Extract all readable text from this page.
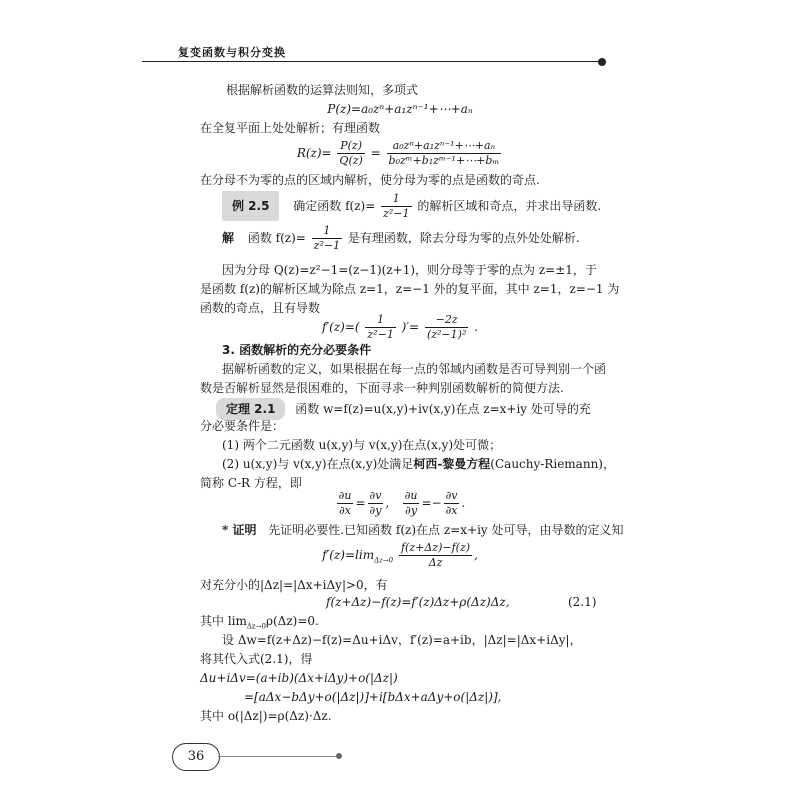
复变函数与积分变换
根据解析函数的运算法则知，多项式
P(z)=a₀zⁿ+a₁zⁿ⁻¹+⋯+aₙ
在全复平面上处处解析；有理函数
$R(z)= \frac{P(z)}{Q(z)} = \frac{\text{a₀zⁿ+a₁zⁿ⁻¹+⋯+aₙ}}{\text{b₀zᵐ+b₁zᵐ⁻¹+⋯+bₘ}}$
在分母不为零的点的区域内解析，使分母为零的点是函数的奇点.
例 2.5 确定函数 $f(z)= \frac{1}{\text{z²−1}}$ 的解析区域和奇点，并求出导函数.
解 函数 $f(z)= \frac{1}{\text{z²−1}}$ 是有理函数，除去分母为零的点外处处解析.
因为分母 Q(z)=z²−1=(z−1)(z+1)，则分母等于零的点为 z=±1，于
是函数 f(z)的解析区域为除点 z=1，z=−1 外的复平面，其中 z=1，z=−1 为
函数的奇点，且有导数
$f'(z)=( \frac{1}{\text{z²−1}}$ )′= $\frac{-2z}{\text{(z²−1)²}}$ .
3. 函数解析的充分必要条件
据解析函数的定义，如果根据在每一点的邻域内函数是否可导判别一个函
数是否解析显然是很困难的，下面寻求一种判别函数解析的简便方法.
定理 2.1 函数 w=f(z)=u(x,y)+iv(x,y)在点 z=x+iy 处可导的充
分必要条件是：
(1) 两个二元函数 u(x,y)与 v(x,y)在点(x,y)处可微；
(2) u(x,y)与 v(x,y)在点(x,y)处满足柯西-黎曼方程(Cauchy-Riemann)，
简称 C-R 方程，即
$\frac{\partial u}{\partial x} = \frac{\partial v}{\partial y}$ , $\frac{\partial u}{\partial y} =- \frac{\partial v}{\partial x}$ .
* 证明 先证明必要性.已知函数 f(z)在点 z=x+iy 处可导，由导数的定义知
$f'(z)=\lim_{\Delta z\to 0} \frac{f(z+\Delta z)-f(z)}{\Delta z}$ ,
对充分小的|Δz|=|Δx+iΔy|>0，有
f(z+Δz)−f(z)=f′(z)Δz+ρ(Δz)Δz,	(2.1)
其中 $\lim_{\Delta z\to 0}\rho(\Delta z)=0$.
设 Δw=f(z+Δz)−f(z)=Δu+iΔv，f′(z)=a+ib，|Δz|=|Δx+iΔy|，
将其代入式(2.1)，得
Δu+iΔv=(a+ib)(Δx+iΔy)+o(|Δz|)
=[aΔx−bΔy+o(|Δz|)]+i[bΔx+aΔy+o(|Δz|)],
其中 o(|Δz|)=ρ(Δz)·Δz.
36
